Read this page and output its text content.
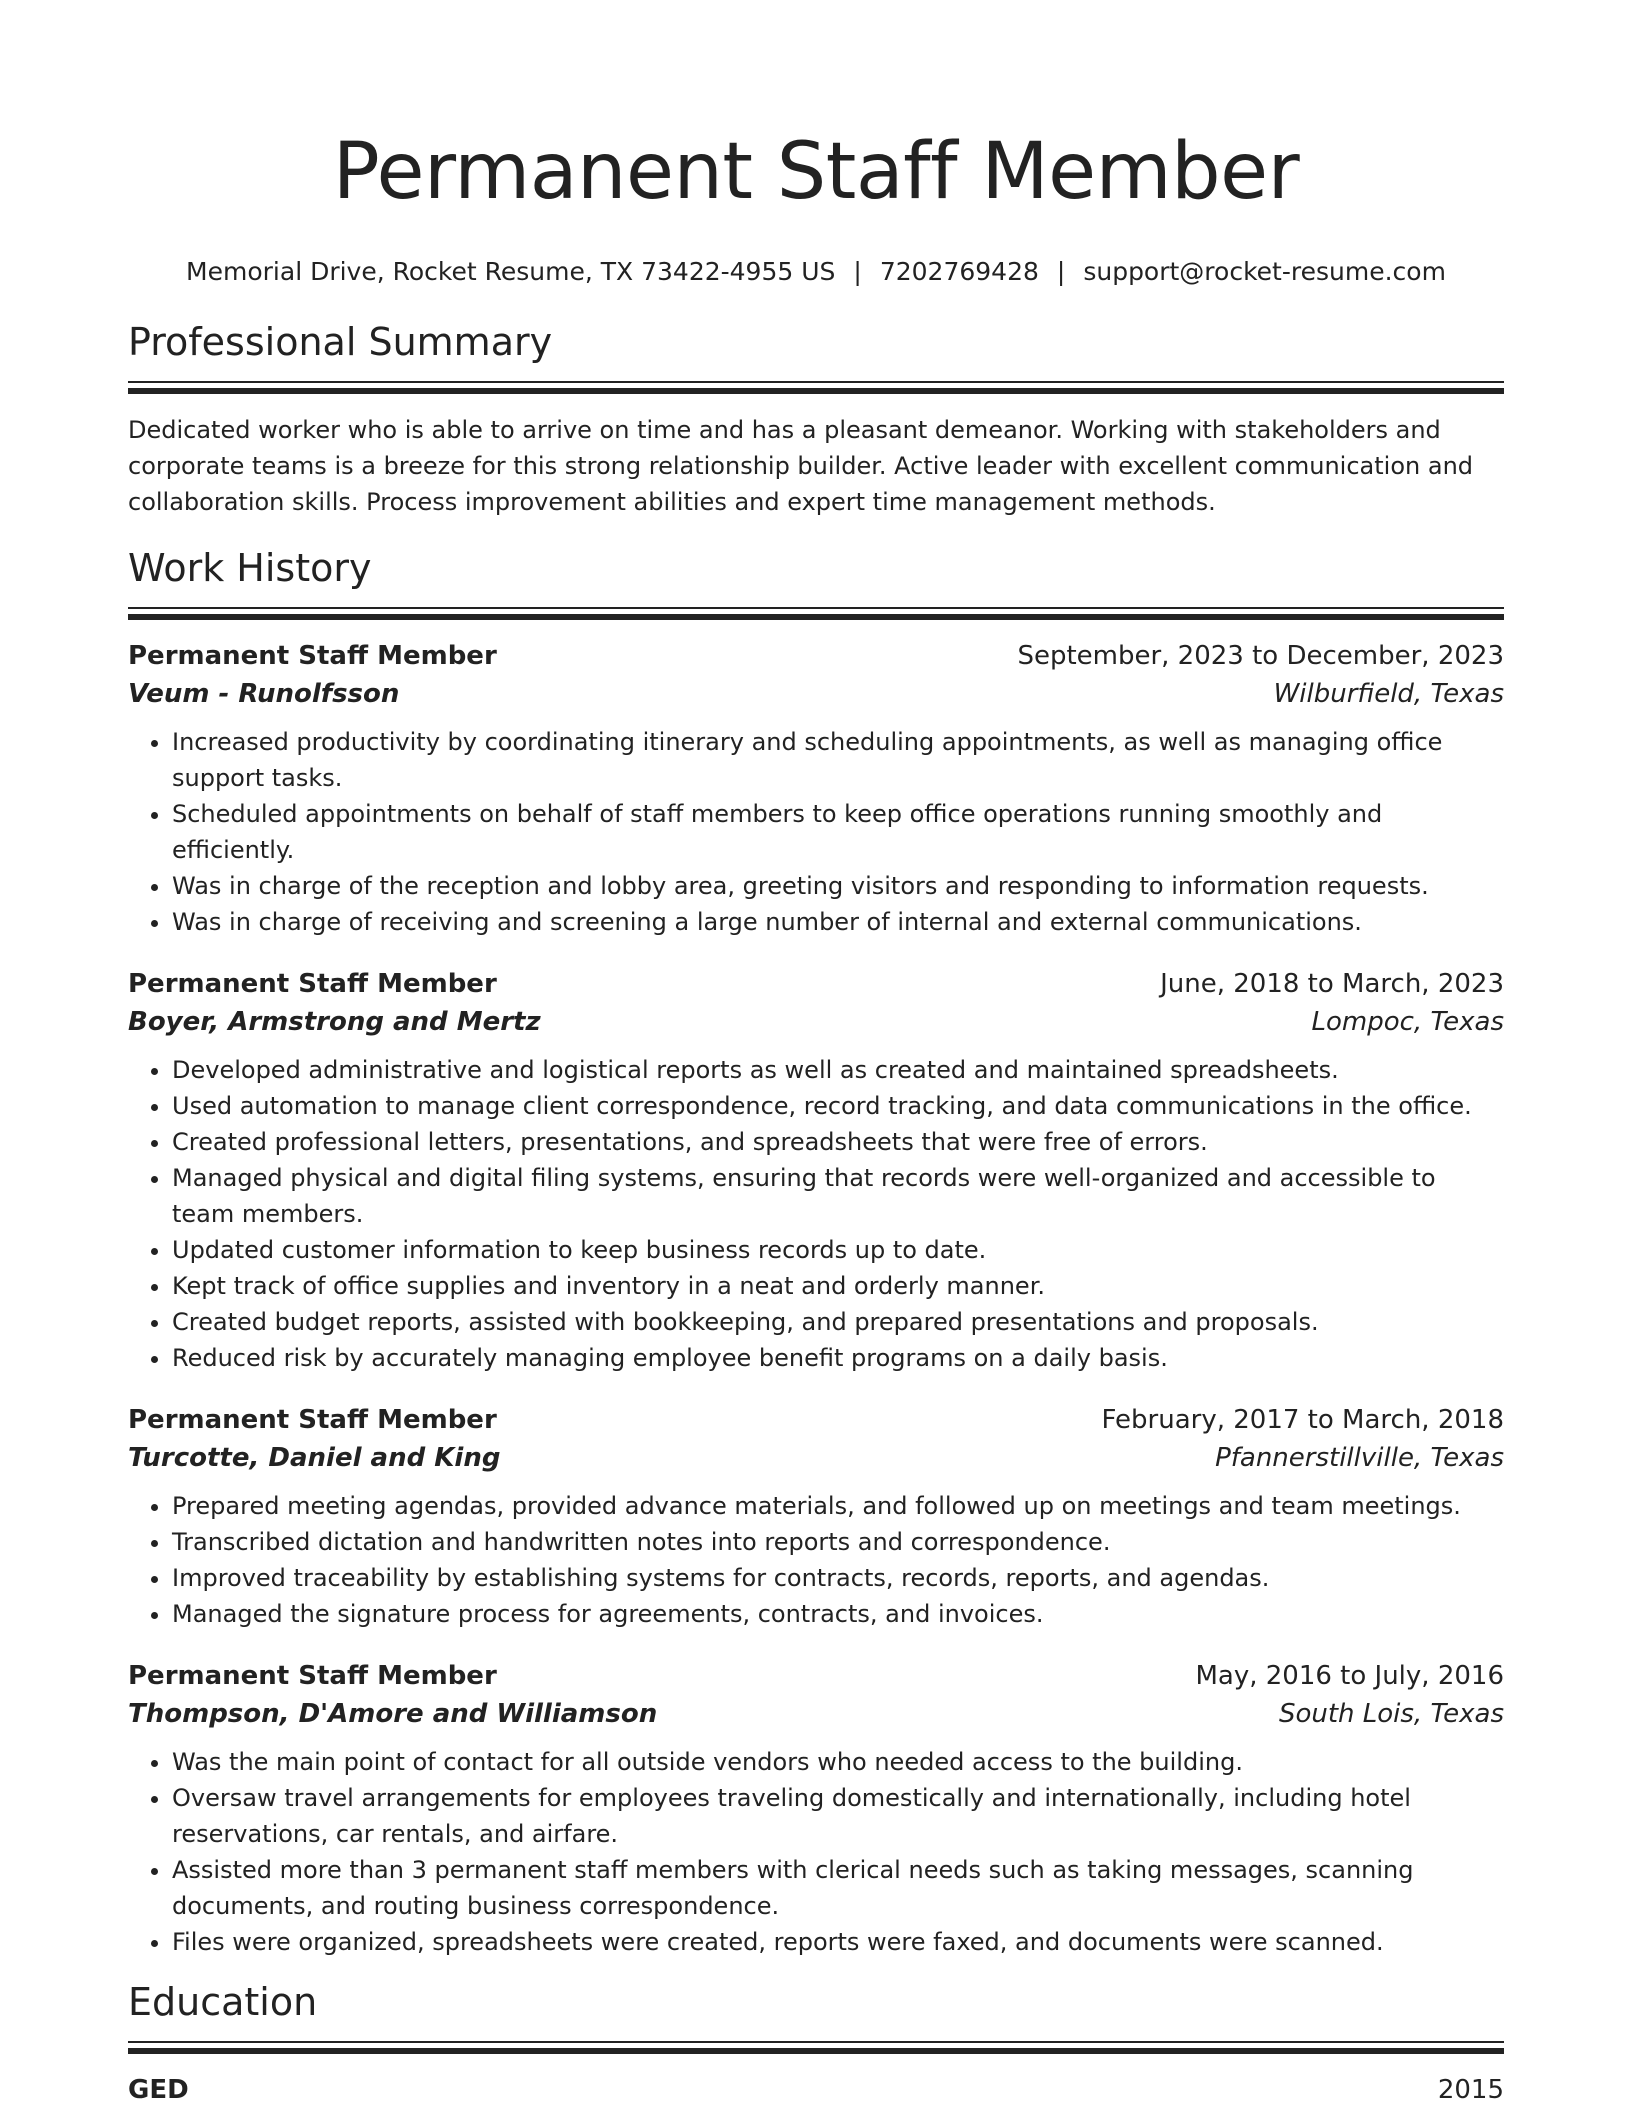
Permanent Staff Member
Memorial Drive, Rocket Resume, TX 73422-4955 US | 7202769428 | support@rocket-resume.com
Professional Summary

Dedicated worker who is able to arrive on time and has a pleasant demeanor. Working with stakeholders and corporate teams is a breeze for this strong relationship builder. Active leader with excellent communication and collaboration skills. Process improvement abilities and expert time management methods.

Work History
Permanent Staff Member	September, 2023 to December, 2023
Veum - Runolfsson	Wilburfield, Texas
• Increased productivity by coordinating itinerary and scheduling appointments, as well as managing office support tasks.
• Scheduled appointments on behalf of staff members to keep office operations running smoothly and efficiently.
• Was in charge of the reception and lobby area, greeting visitors and responding to information requests.
• Was in charge of receiving and screening a large number of internal and external communications.
Permanent Staff Member	June, 2018 to March, 2023
Boyer, Armstrong and Mertz	Lompoc, Texas
• Developed administrative and logistical reports as well as created and maintained spreadsheets.
• Used automation to manage client correspondence, record tracking, and data communications in the office.
• Created professional letters, presentations, and spreadsheets that were free of errors.
• Managed physical and digital filing systems, ensuring that records were well-organized and accessible to team members.
• Updated customer information to keep business records up to date.
• Kept track of office supplies and inventory in a neat and orderly manner.
• Created budget reports, assisted with bookkeeping, and prepared presentations and proposals.
• Reduced risk by accurately managing employee benefit programs on a daily basis.
Permanent Staff Member	February, 2017 to March, 2018
Turcotte, Daniel and King	Pfannerstillville, Texas
• Prepared meeting agendas, provided advance materials, and followed up on meetings and team meetings.
• Transcribed dictation and handwritten notes into reports and correspondence.
• Improved traceability by establishing systems for contracts, records, reports, and agendas.
• Managed the signature process for agreements, contracts, and invoices.
Permanent Staff Member	May, 2016 to July, 2016
Thompson, D'Amore and Williamson	South Lois, Texas
• Was the main point of contact for all outside vendors who needed access to the building.
• Oversaw travel arrangements for employees traveling domestically and internationally, including hotel reservations, car rentals, and airfare.
• Assisted more than 3 permanent staff members with clerical needs such as taking messages, scanning documents, and routing business correspondence.
• Files were organized, spreadsheets were created, reports were faxed, and documents were scanned.
Education
GED	2015
